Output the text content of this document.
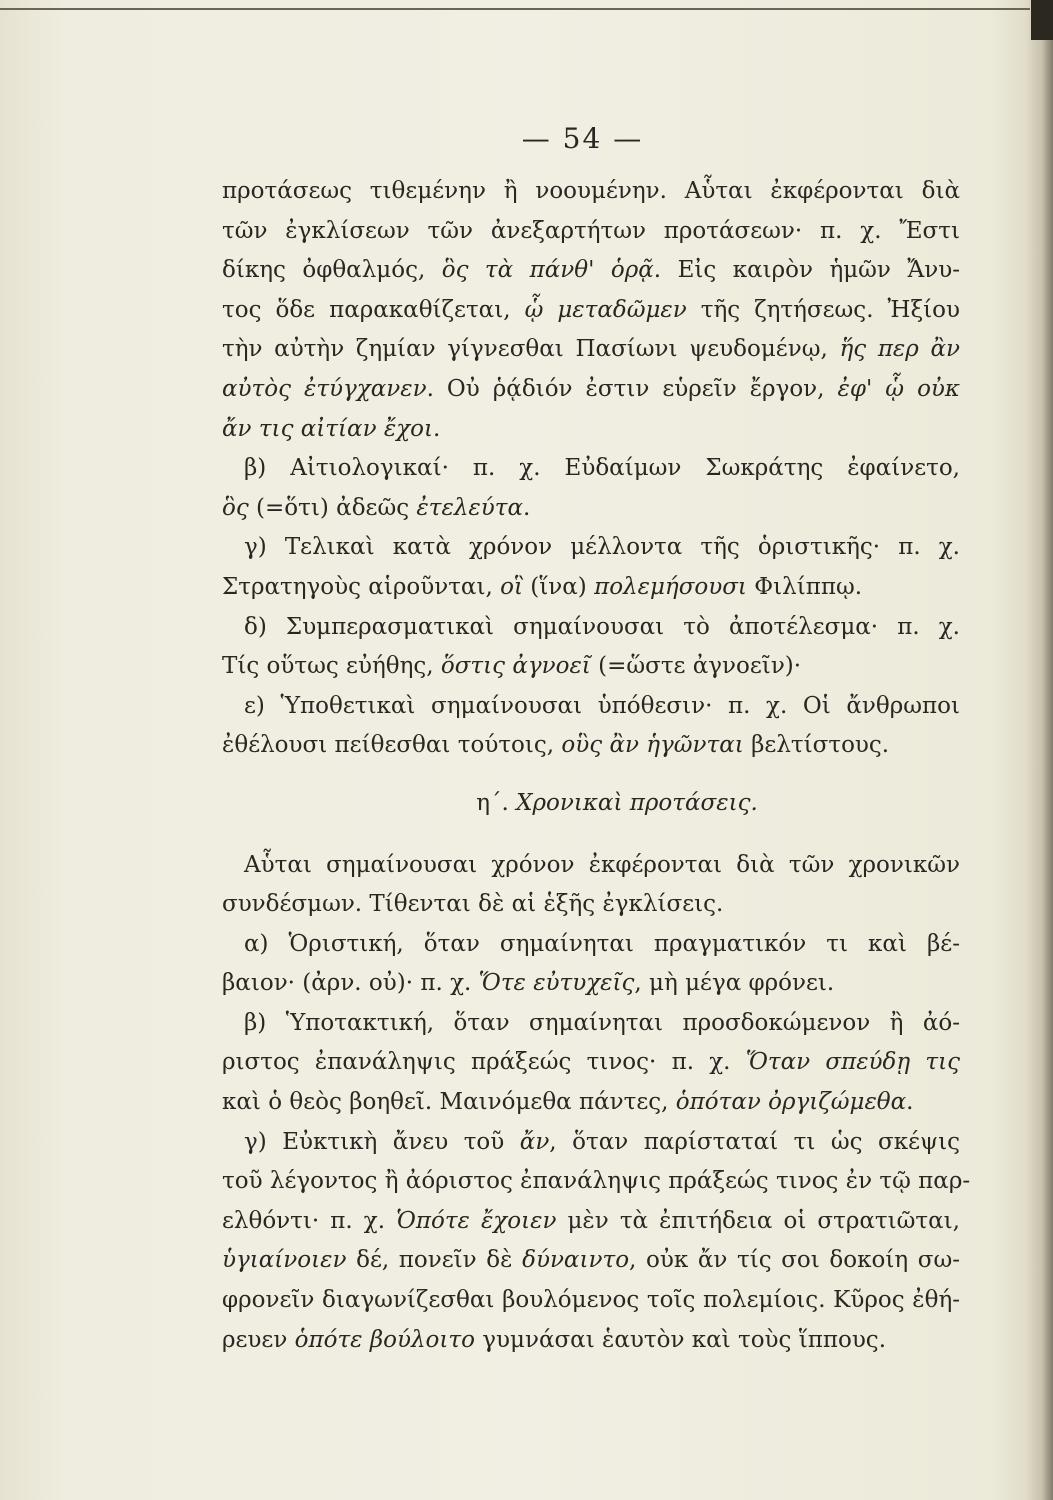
— 54 —
προτάσεως τιθεμένην ἢ νοουμένην. Αὗται ἐκφέρονται διὰ
τῶν ἐγκλίσεων τῶν ἀνεξαρτήτων προτάσεων· π. χ. Ἔστι
δίκης ὀφθαλμός, ὃς τὰ πάνθ' ὁρᾷ. Εἰς καιρὸν ἡμῶν Ἄνυ-
τος ὅδε παρακαθίζεται, ᾧ μεταδῶμεν τῆς ζητήσεως. Ἠξίου
τὴν αὐτὴν ζημίαν γίγνεσθαι Πασίωνι ψευδομένῳ, ἥς περ ἂν
αὐτὸς ἐτύγχανεν. Οὐ ῥᾴδιόν ἐστιν εὑρεῖν ἔργον, ἐφ' ᾧ οὐκ
ἄν τις αἰτίαν ἔχοι.
β) Αἰτιολογικαί· π. χ. Εὐδαίμων Σωκράτης ἐφαίνετο,
ὃς (=ὅτι) ἀδεῶς ἐτελεύτα.
γ) Τελικαὶ κατὰ χρόνον μέλλοντα τῆς ὁριστικῆς· π. χ.
Στρατηγοὺς αἱροῦνται, οἳ (ἵνα) πολεμήσουσι Φιλίππῳ.
δ) Συμπερασματικαὶ σημαίνουσαι τὸ ἀποτέλεσμα· π. χ.
Τίς οὕτως εὐήθης, ὅστις ἀγνοεῖ (=ὥστε ἀγνοεῖν)·
ε) Ὑποθετικαὶ σημαίνουσαι ὑπόθεσιν· π. χ. Οἱ ἄνθρωποι
ἐθέλουσι πείθεσθαι τούτοις, οὓς ἂν ἡγῶνται βελτίστους.
η΄. Χρονικαὶ προτάσεις.
Αὗται σημαίνουσαι χρόνον ἐκφέρονται διὰ τῶν χρονικῶν
συνδέσμων. Τίθενται δὲ αἱ ἑξῆς ἐγκλίσεις.
α) Ὁριστική, ὅταν σημαίνηται πραγματικόν τι καὶ βέ-
βαιον· (ἀρν. οὐ)· π. χ. Ὅτε εὐτυχεῖς, μὴ μέγα φρόνει.
β) Ὑποτακτική, ὅταν σημαίνηται προσδοκώμενον ἢ ἀό-
ριστος ἐπανάληψις πράξεώς τινος· π. χ. Ὅταν σπεύδῃ τις
καὶ ὁ θεὸς βοηθεῖ. Μαινόμεθα πάντες, ὁπόταν ὀργιζώμεθα.
γ) Εὐκτικὴ ἄνευ τοῦ ἄν, ὅταν παρίσταταί τι ὡς σκέψις
τοῦ λέγοντος ἢ ἀόριστος ἐπανάληψις πράξεώς τινος ἐν τῷ παρ-
ελθόντι· π. χ. Ὁπότε ἔχοιεν μὲν τὰ ἐπιτήδεια οἱ στρατιῶται,
ὑγιαίνοιεν δέ, πονεῖν δὲ δύναιντο, οὐκ ἄν τίς σοι δοκοίη σω-
φρονεῖν διαγωνίζεσθαι βουλόμενος τοῖς πολεμίοις. Κῦρος ἐθή-
ρευεν ὁπότε βούλοιτο γυμνάσαι ἑαυτὸν καὶ τοὺς ἵππους.
